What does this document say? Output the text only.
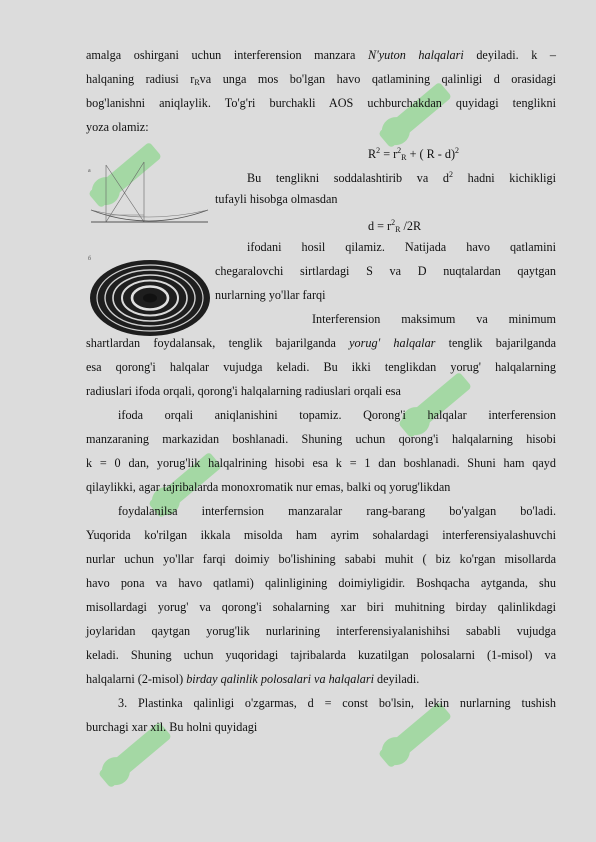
a
б
amalga oshirgani uchun interferension manzara N'yuton halqalari deyiladi. k –
halqaning radiusi $r_Rva$ unga mos bo'lgan havo qatlamining qalinligi d orasidagi
bog'lanishni aniqlaylik. To'g'ri burchakli AOS uchburchakdan quyidagi tenglikni
yoza olamiz:
$R^2 = r^2_R$ + ( R - d)$^2$
Bu tenglikni soddalashtirib va $d^2$ hadni kichikligi
tufayli hisobga olmasdan
$d = r^2_R$ /2R
ifodani hosil qilamiz. Natijada havo qatlamini
chegaralovchi sirtlardagi S va D nuqtalardan qaytgan
nurlarning yo'llar farqi
Interferension maksimum va minimum
shartlardan foydalansak, tenglik bajarilganda yorug' halqalar tenglik bajarilganda
esa qorong'i halqalar vujudga keladi. Bu ikki tenglikdan yorug' halqalarning
radiuslari ifoda orqali, qorong'i halqalarning radiuslari orqali esa
ifoda orqali aniqlanishini topamiz. Qorong'i halqalar interferension
manzaraning markazidan boshlanadi. Shuning uchun qorong'i halqalarning hisobi
k = 0 dan, yorug'lik halqalrining hisobi esa k = 1 dan boshlanadi. Shuni ham qayd
qilaylikki, agar tajribalarda monoxromatik nur emas, balki oq yorug'likdan
foydalanilsa interfernsion manzaralar rang-barang bo'yalgan bo'ladi.
Yuqorida ko'rilgan ikkala misolda ham ayrim sohalardagi interferensiyalashuvchi
nurlar uchun yo'llar farqi doimiy bo'lishining sababi muhit ( biz ko'rgan misollarda
havo pona va havo qatlami) qalinligining doimiyligidir. Boshqacha aytganda, shu
misollardagi yorug' va qorong'i sohalarning xar biri muhitning birday qalinlikdagi
joylaridan qaytgan yorug'lik nurlarining interferensiyalanishihsi sababli vujudga
keladi. Shuning uchun yuqoridagi tajribalarda kuzatilgan polosalarni (1-misol) va
halqalarni (2-misol) birday qalinlik polosalari va halqalari deyiladi.
3. Plastinka qalinligi o'zgarmas, d = const bo'lsin, lekin nurlarning tushish
burchagi xar xil. Bu holni quyidagi
